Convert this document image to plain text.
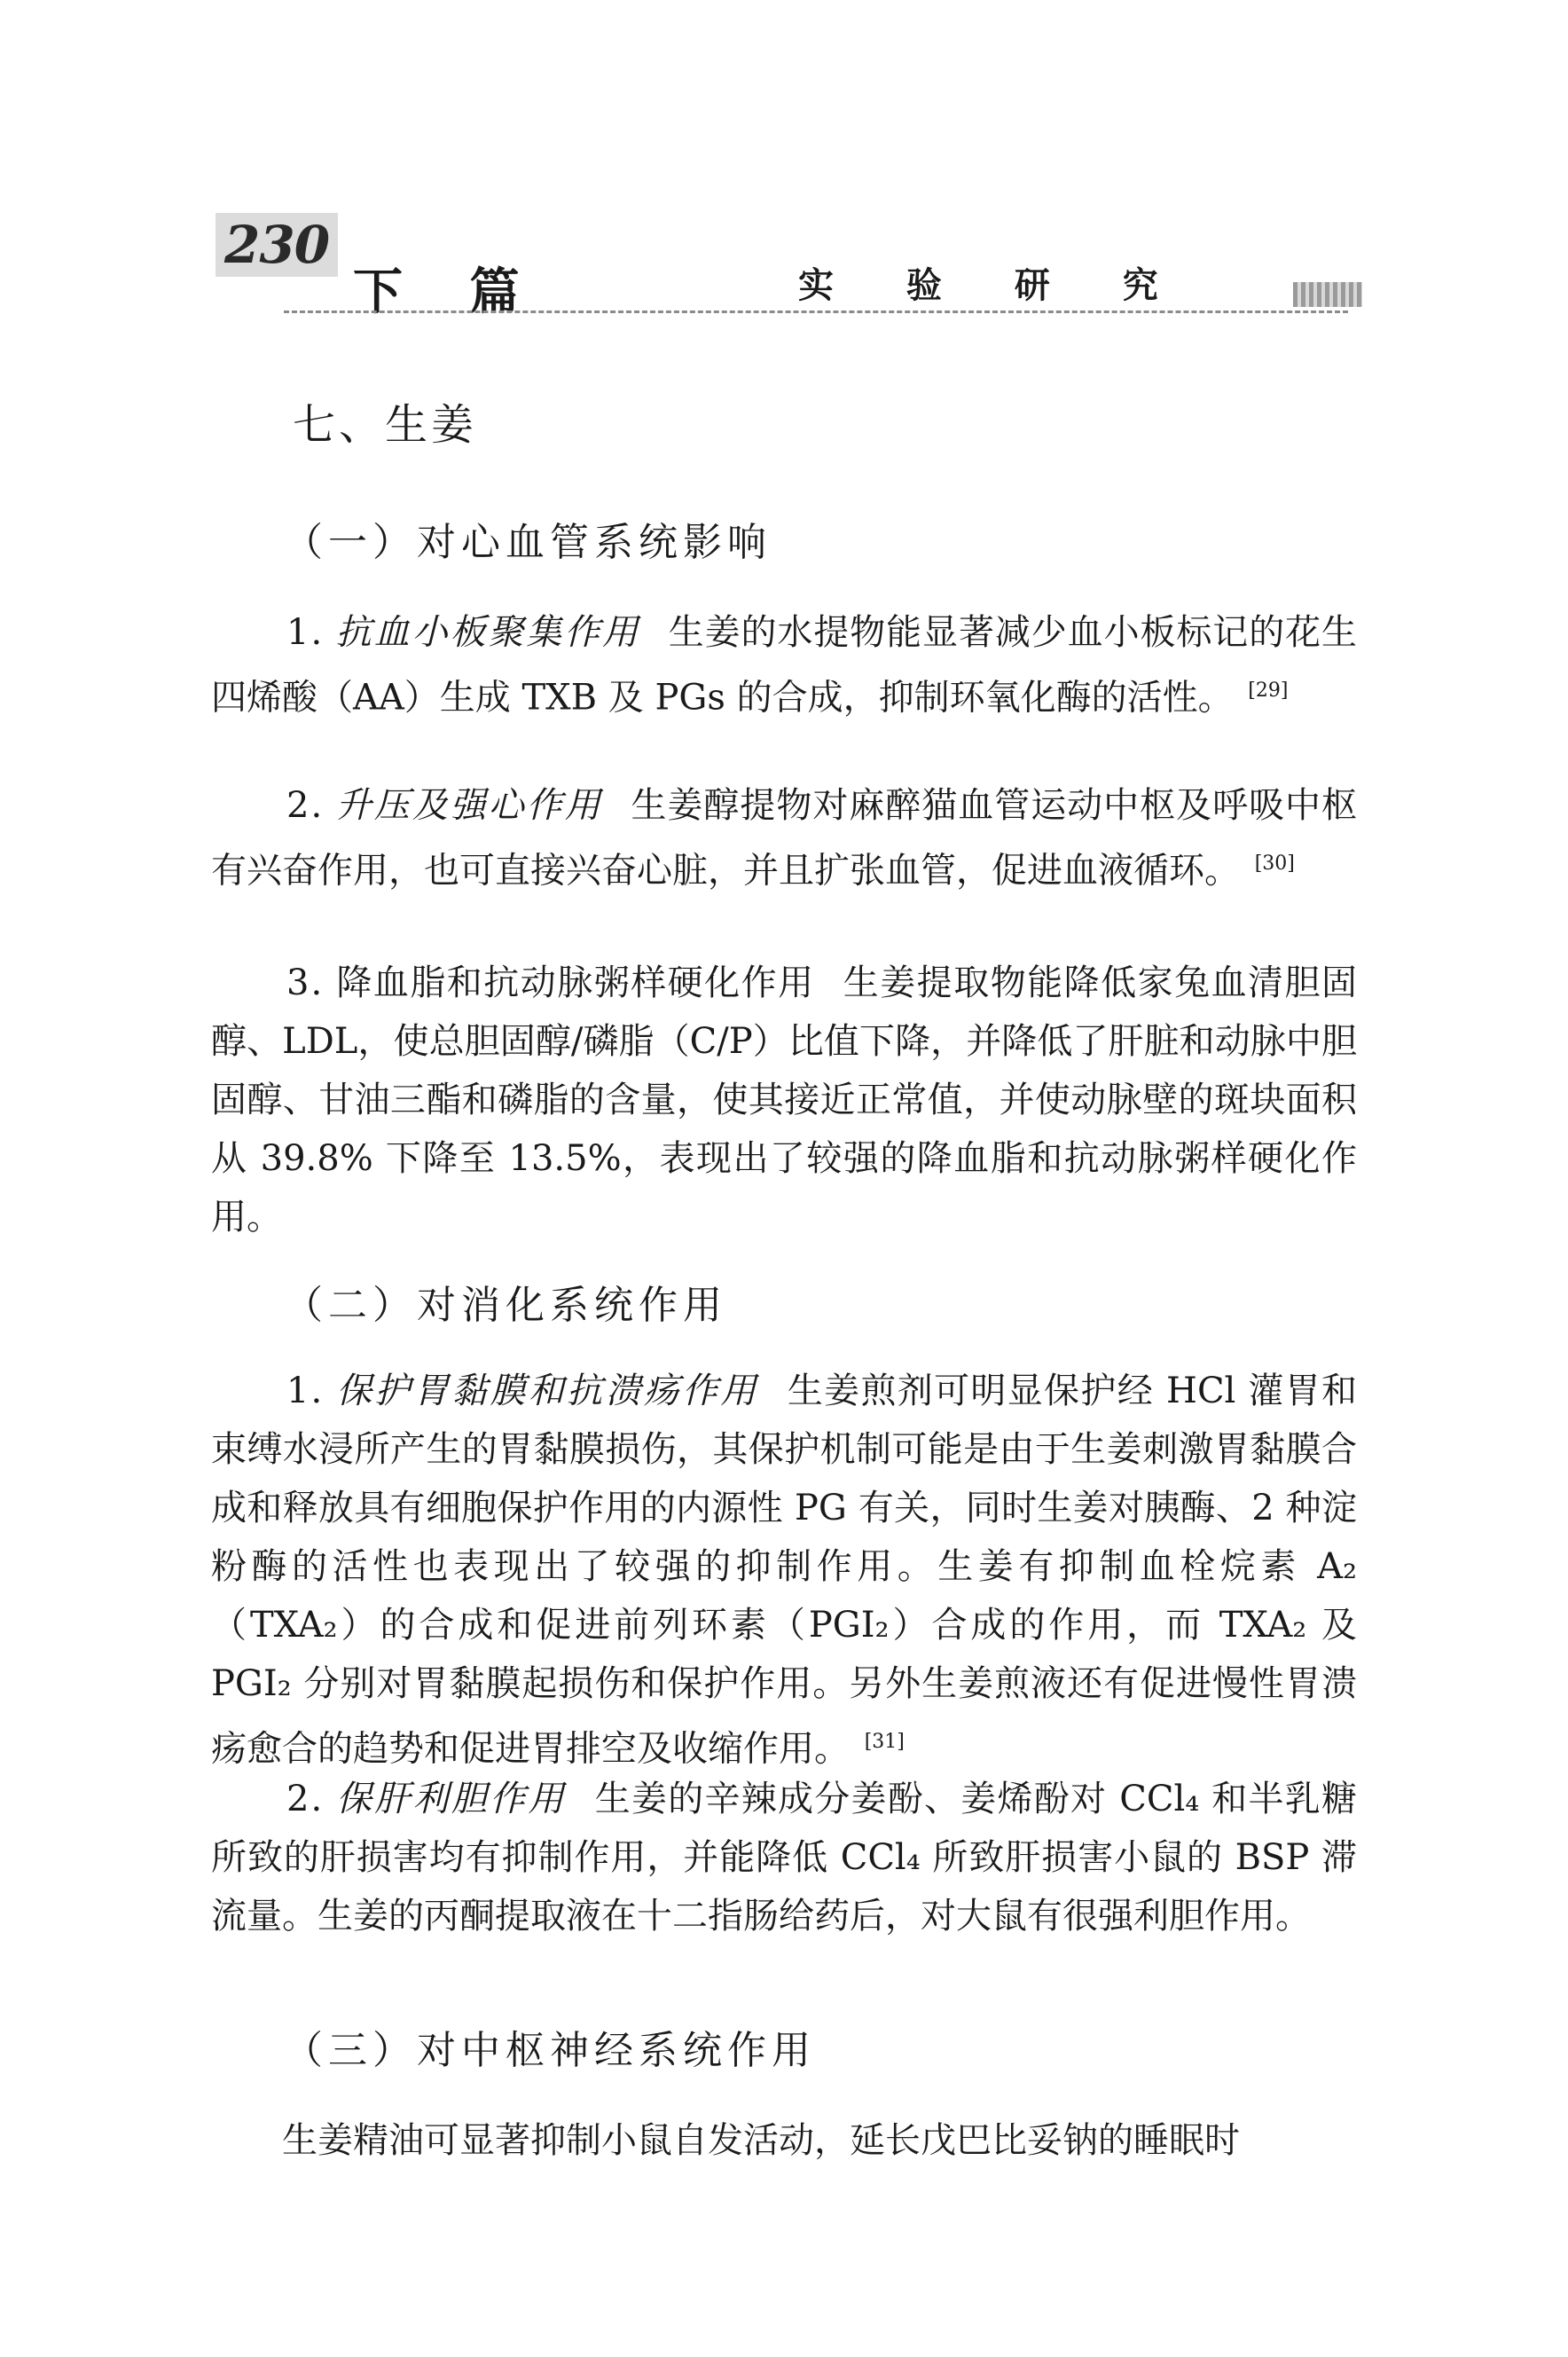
230
下 篇	实 验 研 究
七、生姜
（一）对心血管系统影响
1. 抗血小板聚集作用 生姜的水提物能显著减少血小板标记的花生四烯酸（AA）生成 TXB 及 PGs 的合成，抑制环氧化酶的活性。 [29]
2. 升压及强心作用 生姜醇提物对麻醉猫血管运动中枢及呼吸中枢有兴奋作用，也可直接兴奋心脏，并且扩张血管，促进血液循环。 [30]
3. 降血脂和抗动脉粥样硬化作用 生姜提取物能降低家兔血清胆固醇、LDL，使总胆固醇/磷脂（C/P）比值下降，并降低了肝脏和动脉中胆固醇、甘油三酯和磷脂的含量，使其接近正常值，并使动脉壁的斑块面积从 39.8% 下降至 13.5%，表现出了较强的降血脂和抗动脉粥样硬化作用。
（二）对消化系统作用
1. 保护胃黏膜和抗溃疡作用 生姜煎剂可明显保护经 HCl 灌胃和束缚水浸所产生的胃黏膜损伤，其保护机制可能是由于生姜刺激胃黏膜合成和释放具有细胞保护作用的内源性 PG 有关，同时生姜对胰酶、2 种淀粉酶的活性也表现出了较强的抑制作用。生姜有抑制血栓烷素 A₂（TXA₂）的合成和促进前列环素（PGI₂）合成的作用，而 TXA₂ 及 PGI₂ 分别对胃黏膜起损伤和保护作用。另外生姜煎液还有促进慢性胃溃疡愈合的趋势和促进胃排空及收缩作用。 [31]
2. 保肝利胆作用 生姜的辛辣成分姜酚、姜烯酚对 CCl₄ 和半乳糖所致的肝损害均有抑制作用，并能降低 CCl₄ 所致肝损害小鼠的 BSP 滞流量。生姜的丙酮提取液在十二指肠给药后，对大鼠有很强利胆作用。
（三）对中枢神经系统作用
生姜精油可显著抑制小鼠自发活动，延长戊巴比妥钠的睡眠时
